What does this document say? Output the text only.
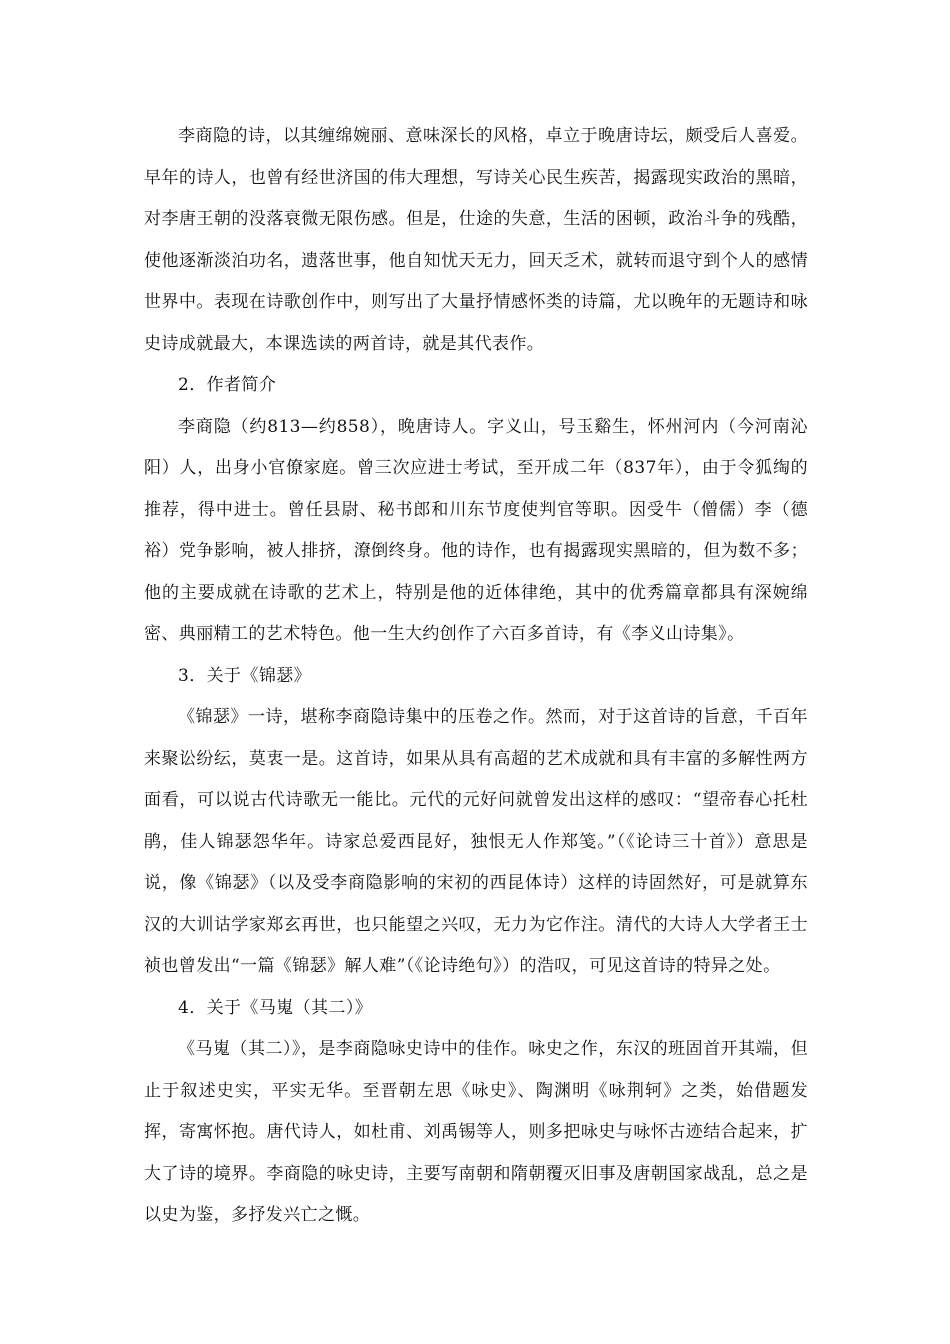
李商隐的诗，以其缠绵婉丽、意味深长的风格，卓立于晚唐诗坛，颇受后人喜爱。早年的诗人，也曾有经世济国的伟大理想，写诗关心民生疾苦，揭露现实政治的黑暗，对李唐王朝的没落衰微无限伤感。但是，仕途的失意，生活的困顿，政治斗争的残酷，使他逐渐淡泊功名，遗落世事，他自知忧天无力，回天乏术，就转而退守到个人的感情世界中。表现在诗歌创作中，则写出了大量抒情感怀类的诗篇，尤以晚年的无题诗和咏史诗成就最大，本课选读的两首诗，就是其代表作。

2．作者简介

李商隐（约813—约858），晚唐诗人。字义山，号玉谿生，怀州河内（今河南沁阳）人，出身小官僚家庭。曾三次应进士考试，至开成二年（837年），由于令狐绹的推荐，得中进士。曾任县尉、秘书郎和川东节度使判官等职。因受牛（僧儒）李（德裕）党争影响，被人排挤，潦倒终身。他的诗作，也有揭露现实黑暗的，但为数不多；他的主要成就在诗歌的艺术上，特别是他的近体律绝，其中的优秀篇章都具有深婉绵密、典丽精工的艺术特色。他一生大约创作了六百多首诗，有《李义山诗集》。

3．关于《锦瑟》

《锦瑟》一诗，堪称李商隐诗集中的压卷之作。然而，对于这首诗的旨意，千百年来聚讼纷纭，莫衷一是。这首诗，如果从具有高超的艺术成就和具有丰富的多解性两方面看，可以说古代诗歌无一能比。元代的元好问就曾发出这样的感叹：“望帝春心托杜鹃，佳人锦瑟怨华年。诗家总爱西昆好，独恨无人作郑笺。”（《论诗三十首》）意思是说，像《锦瑟》（以及受李商隐影响的宋初的西昆体诗）这样的诗固然好，可是就算东汉的大训诂学家郑玄再世，也只能望之兴叹，无力为它作注。清代的大诗人大学者王士祯也曾发出“一篇《锦瑟》解人难”（《论诗绝句》）的浩叹，可见这首诗的特异之处。

4．关于《马嵬（其二）》

《马嵬（其二）》，是李商隐咏史诗中的佳作。咏史之作，东汉的班固首开其端，但止于叙述史实，平实无华。至晋朝左思《咏史》、陶渊明《咏荆轲》之类，始借题发挥，寄寓怀抱。唐代诗人，如杜甫、刘禹锡等人，则多把咏史与咏怀古迹结合起来，扩大了诗的境界。李商隐的咏史诗，主要写南朝和隋朝覆灭旧事及唐朝国家战乱，总之是以史为鉴，多抒发兴亡之慨。
